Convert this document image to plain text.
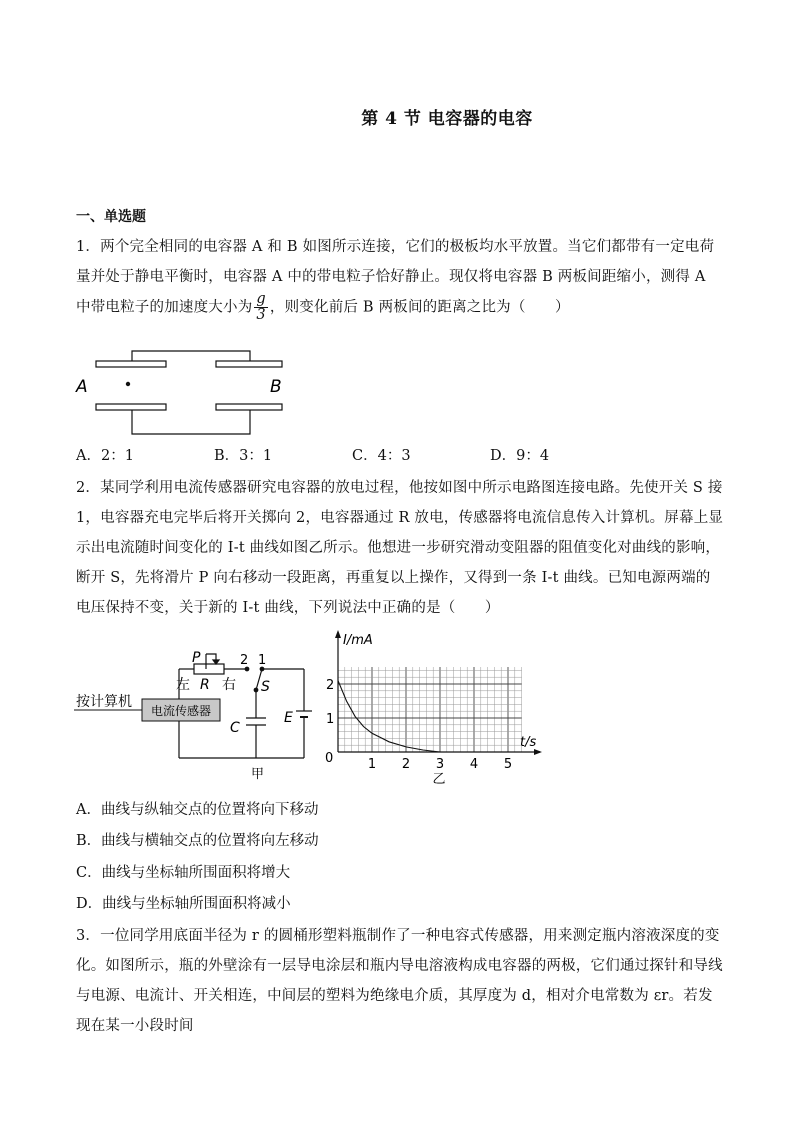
第 4 节 电容器的电容
一、单选题

1．两个完全相同的电容器 A 和 B 如图所示连接，它们的极板均水平放置。当它们都带有一定电荷量并处于静电平衡时，电容器 A 中的带电粒子恰好静止。现仅将电容器 B 两板间距缩小，测得 A 中带电粒子的加速度大小为 $\frac{g}{3}$ ，则变化前后 B 两板间的距离之比为（　　）

A	B
A．2：1	B．3：1	C．4：3	D．9：4
2．某同学利用电流传感器研究电容器的放电过程，他按如图中所示电路图连接电路。先使开关 S 接 1，电容器充电完毕后将开关掷向 2，电容器通过 R 放电，传感器将电流信息传入计算机。屏幕上显示出电流随时间变化的 I-t 曲线如图乙所示。他想进一步研究滑动变阻器的阻值变化对曲线的影响，断开 S，先将滑片 P 向右移动一段距离，再重复以上操作，又得到一条 I-t 曲线。已知电源两端的电压保持不变，关于新的 I-t 曲线，下列说法中正确的是（　　）
电流传感器
按计算机
P	2 1
左 R 右 S
C
E
甲
I/mA
t/s
0
1
2
1 2 3 4 5
乙
A．曲线与纵轴交点的位置将向下移动
B．曲线与横轴交点的位置将向左移动
C．曲线与坐标轴所围面积将增大
D．曲线与坐标轴所围面积将减小
3．一位同学用底面半径为 r 的圆桶形塑料瓶制作了一种电容式传感器，用来测定瓶内溶液深度的变化。如图所示，瓶的外壁涂有一层导电涂层和瓶内导电溶液构成电容器的两极，它们通过探针和导线与电源、电流计、开关相连，中间层的塑料为绝缘电介质，其厚度为 d，相对介电常数为 εr。若发现在某一小段时间
